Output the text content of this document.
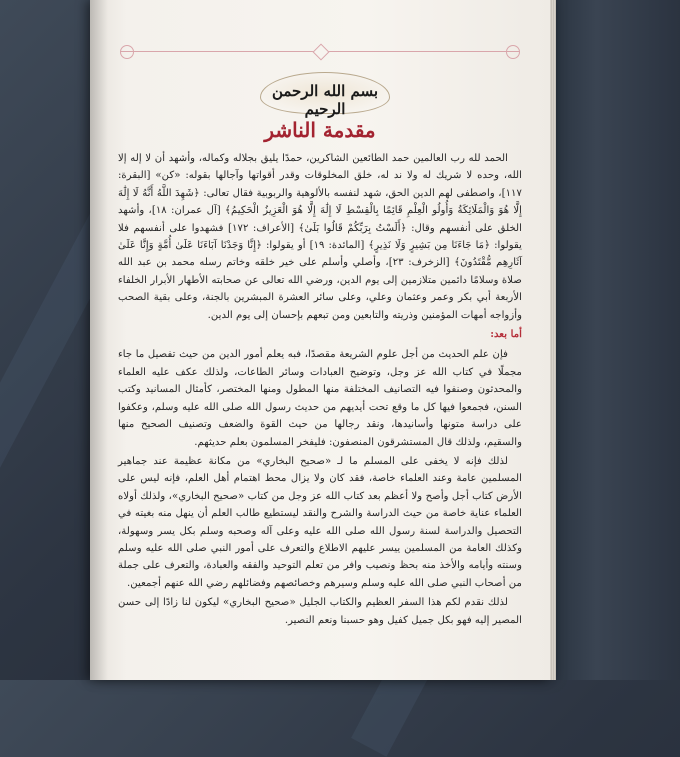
بسم الله الرحمن الرحيم
مقدمة الناشر

الحمد لله رب العالمين حمد الطائعين الشاكرين، حمدًا يليق بجلاله وكماله، وأشهد أن لا إله إلا الله، وحده لا شريك له ولا ند له، خلق المخلوقات وقدر أقواتها وآجالها بقوله: «كن» [البقرة: ١١٧]، واصطفى لهم الدين الحق، شهد لنفسه بالألوهية والربوبية فقال تعالى: ﴿شَهِدَ اللَّهُ أَنَّهُ لَا إِلَٰهَ إِلَّا هُوَ وَالْمَلَائِكَةُ وَأُولُو الْعِلْمِ قَائِمًا بِالْقِسْطِ لَا إِلَٰهَ إِلَّا هُوَ الْعَزِيزُ الْحَكِيمُ﴾ [آل عمران: ١٨]، وأشهد الخلق على أنفسهم وقال: ﴿أَلَسْتُ بِرَبِّكُمْ قَالُوا بَلَىٰ﴾ [الأعراف: ١٧٢] فشهدوا على أنفسهم فلا يقولوا: ﴿مَا جَاءَنَا مِن بَشِيرٍ وَلَا نَذِيرٍ﴾ [المائدة: ١٩] أو يقولوا: ﴿إِنَّا وَجَدْنَا آبَاءَنَا عَلَىٰ أُمَّةٍ وَإِنَّا عَلَىٰ آثَارِهِم مُّقْتَدُونَ﴾ [الزخرف: ٢٣]، وأصلي وأسلم على خير خلقه وخاتم رسله محمد بن عبد الله صلاة وسلامًا دائمين متلازمين إلى يوم الدين، ورضي الله تعالى عن صحابته الأطهار الأبرار الخلفاء الأربعة أبي بكر وعمر وعثمان وعلي، وعلى سائر العشرة المبشرين بالجنة، وعلى بقية الصحب وأزواجه أمهات المؤمنين وذريته والتابعين ومن تبعهم بإحسان إلى يوم الدين.

أما بعد:

فإن علم الحديث من أجل علوم الشريعة مقصدًا، فبه يعلم أمور الدين من حيث تفصيل ما جاء مجملًا في كتاب الله عز وجل، وتوضيح العبادات وسائر الطاعات، ولذلك عكف عليه العلماء والمحدثون وصنفوا فيه التصانيف المختلفة منها المطول ومنها المختصر، كأمثال المسانيد وكتب السنن، فجمعوا فيها كل ما وقع تحت أيديهم من حديث رسول الله صلى الله عليه وسلم، وعكفوا على دراسة متونها وأسانيدها، ونقد رجالها من حيث القوة والضعف وتصنيف الصحيح منها والسقيم، ولذلك قال المستشرقون المنصفون: فليفخر المسلمون بعلم حديثهم.

لذلك فإنه لا يخفى على المسلم ما لـ «صحيح البخاري» من مكانة عظيمة عند جماهير المسلمين عامة وعند العلماء خاصة، فقد كان ولا يزال محط اهتمام أهل العلم، فإنه ليس على الأرض كتاب أجل وأصح ولا أعظم بعد كتاب الله عز وجل من كتاب «صحيح البخاري»، ولذلك أولاه العلماء عناية خاصة من حيث الدراسة والشرح والنقد ليستطيع طالب العلم أن ينهل منه بغيته في التحصيل والدراسة لسنة رسول الله صلى الله عليه وعلى آله وصحبه وسلم بكل يسر وسهولة، وكذلك العامة من المسلمين ييسر عليهم الاطلاع والتعرف على أمور النبي صلى الله عليه وسلم وسنته وأيامه والأخذ منه بحظ ونصيب وافر من تعلم التوحيد والفقه والعبادة، والتعرف على جملة من أصحاب النبي صلى الله عليه وسلم وسيرهم وخصائصهم وفضائلهم رضي الله عنهم أجمعين.

لذلك نقدم لكم هذا السفر العظيم والكتاب الجليل «صحيح البخاري» ليكون لنا زادًا إلى حسن المصير إليه فهو بكل جميل كفيل وهو حسبنا ونعم النصير.
